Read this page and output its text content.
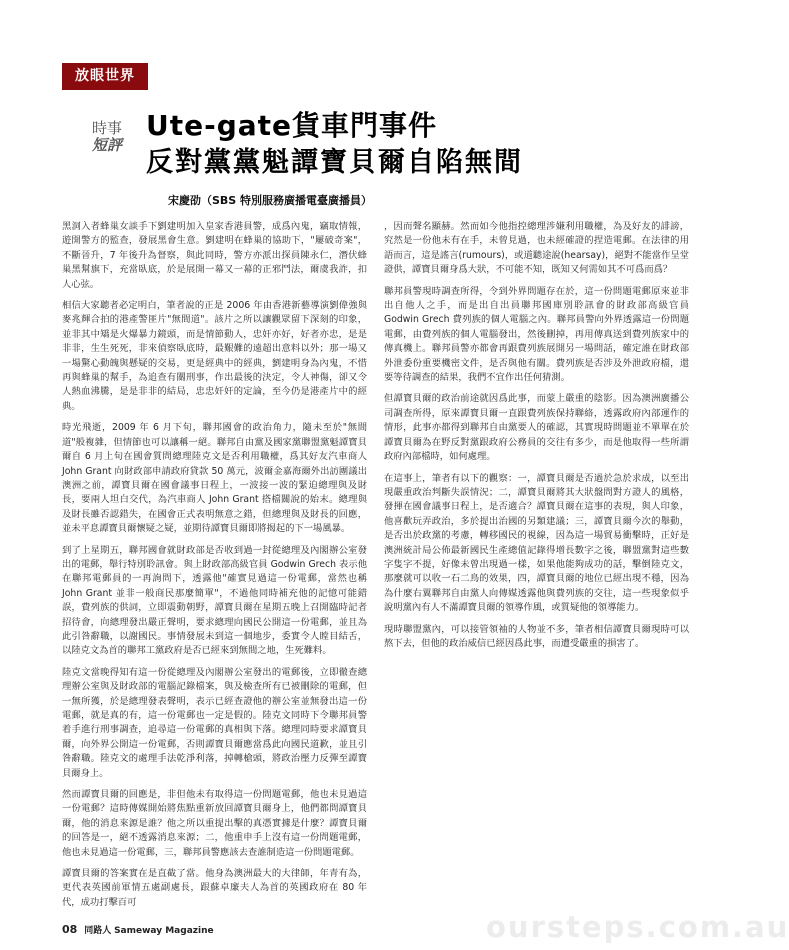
放眼世界
時事
短評
Ute-gate貨車門事件
反對黨黨魁譚寶貝爾自陷無間
宋慶劭（SBS 特別服務廣播電臺廣播員）

黑洞入者蜂巢女談手下劉建明加入皇家香港員警，成爲內鬼，竊取情報，遊開警方的監查，發展黑會生意。劉建明在蜂巢的協助下，"屢破奇案"，不斷晉升，7 年後升為督察，與此同時，警方亦派出探員陳永仁，潛伏蜂巢黑幫旗下，充當臥底，於是展開一幕又一幕的正邪鬥法，爾虞我詐，扣人心弦。

相信大家聽者必定明白，筆者說的正是 2006 年由香港新藝導演劉偉強與麥兆輝合拍的港產警匪片"無間道"。該片之所以讓觀眾留下深刻的印象，並非其中矯是火爆暴力鏡頭，而是情節動人，忠奸亦好，好者亦忠，是是非非，生生死死，非來偵察臥底時，最艱難的遠超出意料以外；那一場又一場驚心動魄與懸疑的交易，更是經典中的經典，劉建明身為內鬼，不惜再與蜂巢的幫手，為追查有關刑事，作出最後的決定，令人神傷，卻又令人熱血沸騰，是是非非的結局，忠忠奸奸的定論，至今仍是港產片中的經典。

時光飛逝，2009 年 6 月下旬，聯邦國會的政治角力，隨未至於"無間道"般複雜，但情節也可以讓稱一絕。聯邦自由黨及國家黨聯盟黨魁譚寶貝爾自 6 月上旬在國會質問總理陸克文是否利用職權，爲其好友汽車商人 John Grant 向財政部申請政府貸款 50 萬元，波爾金嘉海爾外出訪團議出澳洲之前，譚寶貝爾在國會議事日程上，一波接一波的緊迫總理與及財長，要兩人坦白交代，為汽車商人 John Grant 搭檔關說的始末。總理與及財長雖否認錯失，在國會正式表明無意之錯，但總理與及財長的回應，並未平息譚寶貝爾懷疑之疑，並期待譚寶貝爾即將揭起的下一場風暴。

到了上星期五，聯邦國會就財政部是否收到過一封從總理及內閣辦公室發出的電郵，舉行特別聆訊會。與上財政部高級官員 Godwin Grech 表示他在聯邦電郵員的一再詢問下，透露他"確實見過這一份電郵，當然也稱 John Grant 並非一般商民那麼簡單"，不過他同時補充他的記憶可能錯誤，費列族的供詞，立即震動朝野，譚寶貝爾在星期五晚上召開臨時記者招待會，向總理發出嚴正聲明，要求總理向國民公開這一份電郵，並且為此引咎辭職，以謝國民。事情發展未到這一個地步，委實令人瞠目結舌，以陸克文為首的聯邦工黨政府是否已經來到無間之地，生死難料。

陸克文當晚得知有這一份從總理及內閣辦公室發出的電郵後，立即徹查總理辦公室與及財政部的電腦記錄檔案，與及檢查所有已被刪除的電郵，但一無所獲，於是總理發表聲明，表示已經查證他的辦公室並無發出這一份電郵，就是真的有，這一份電郵也一定是假的。陸克文同時下令聯邦員警着手進行刑事調查，追尋這一份電郵的真相與下落。總理同時要求譚寶貝爾，向外界公開這一份電郵，否則譚寶貝爾應當爲此向國民道歉，並且引咎辭職。陸克文的處理手法乾淨利落，掉轉槍頭，將政治壓力反彈至譚寶貝爾身上。

然而譚寶貝爾的回應是，非但他未有取得這一份問題電郵，他也未見過這一份電郵？這時傳媒開始將焦點重新放回譚寶貝爾身上，他們都問譚寶貝爾，他的消息來源是誰？他之所以重提出擊的真憑實據是什麼？譚寶貝爾的回答是一，絕不透露消息來源；二，他重申手上沒有這一份問題電郵，他也未見過這一份電郵，三，聯邦員警應該去查誰制造這一份問題電郵。

譚寶貝爾的答案實在是直截了當。他身為澳洲最大的大律師，年青有為，更代表英國前軍情五處副處長，跟蘇卓廉夫人為首的英國政府在 80 年代，成功打擊百可

，因而聲名顯赫。然而如今他指控總理涉嫌利用職權，為及好友的誹謗，究然是一份他未有在手，未曾見過，也未經確證的捏造電郵。在法律的用語而言，這是謠言(rumours)，或道聽途說(hearsay)，絕對不能當作呈堂證供，譚寶貝爾身爲大狀，不可能不知，既知又何需如其不可爲而爲？

聯邦員警現時調查所得，令到外界問題存在於，這一份問題電郵原來並非出自他人之手，而是出自出員聯邦國庫別聆訊會的財政部高級官員 Godwin Grech 費列族的個人電腦之內。聯邦員警向外界透露這一份問題電郵，由費列族的個人電腦發出，然後刪掉，再用傳真送到費列族家中的傳真機上。聯邦員警亦都會再跟費列族展開另一場問話，確定誰在財政部外泄委份重要機密文件，是否與他有關。費列族是否涉及外泄政府檔，還要等待調查的結果，我們不宜作出任何猜測。

但譚寶貝爾的政治前途就因爲此事，而蒙上嚴重的陰影。因為澳洲廣播公司調查所得，原來譚寶貝爾一直跟費列族保持聯絡，透露政府內部運作的情形，此事亦都得到聯邦自由黨要人的確認，其實現時問題並不單單在於譚寶貝爾為在野反對黨跟政府公務員的交往有多少，而是他取得一些所謂政府內部檔時，如何處理。

在這事上，筆者有以下的觀察：一，譚寶貝爾是否過於急於求成，以至出現嚴重政治判斷失誤情況；二，譚寶貝爾將其大狀盤問對方證人的風格，發揮在國會議事日程上，是否適合？譚寶貝爾在這事的表現，與人印象，他喜歡玩弄政治，多於提出治國的另類建議；三，譚寶貝爾今次的舉動，是否出於政黨的考慮，轉移國民的視線，因為這一場貿易衝擊時，正好是澳洲統計局公佈最新國民生產總值記錄得增長數字之後，聯盟黨對這些數字隻字不提，好像未曾出現過一樣，如果他能夠成功的話，擊倒陸克文，那麼就可以收一石二鳥的效果，四，譚寶貝爾的地位已經出現不穩，因為為什麼右翼聯邦自由黨人向傳媒透露他與費列族的交往，這一些現象似乎說明黨內有人不滿譚寶貝爾的領導作風，或質疑他的領導能力。

現時聯盟黨內，可以接管領袖的人物並不多，筆者相信譚寶貝爾現時可以熬下去，但他的政治威信已經因爲此事，而遭受嚴重的損害了。

08 同路人 Sameway Magazine	oursteps.com.au
